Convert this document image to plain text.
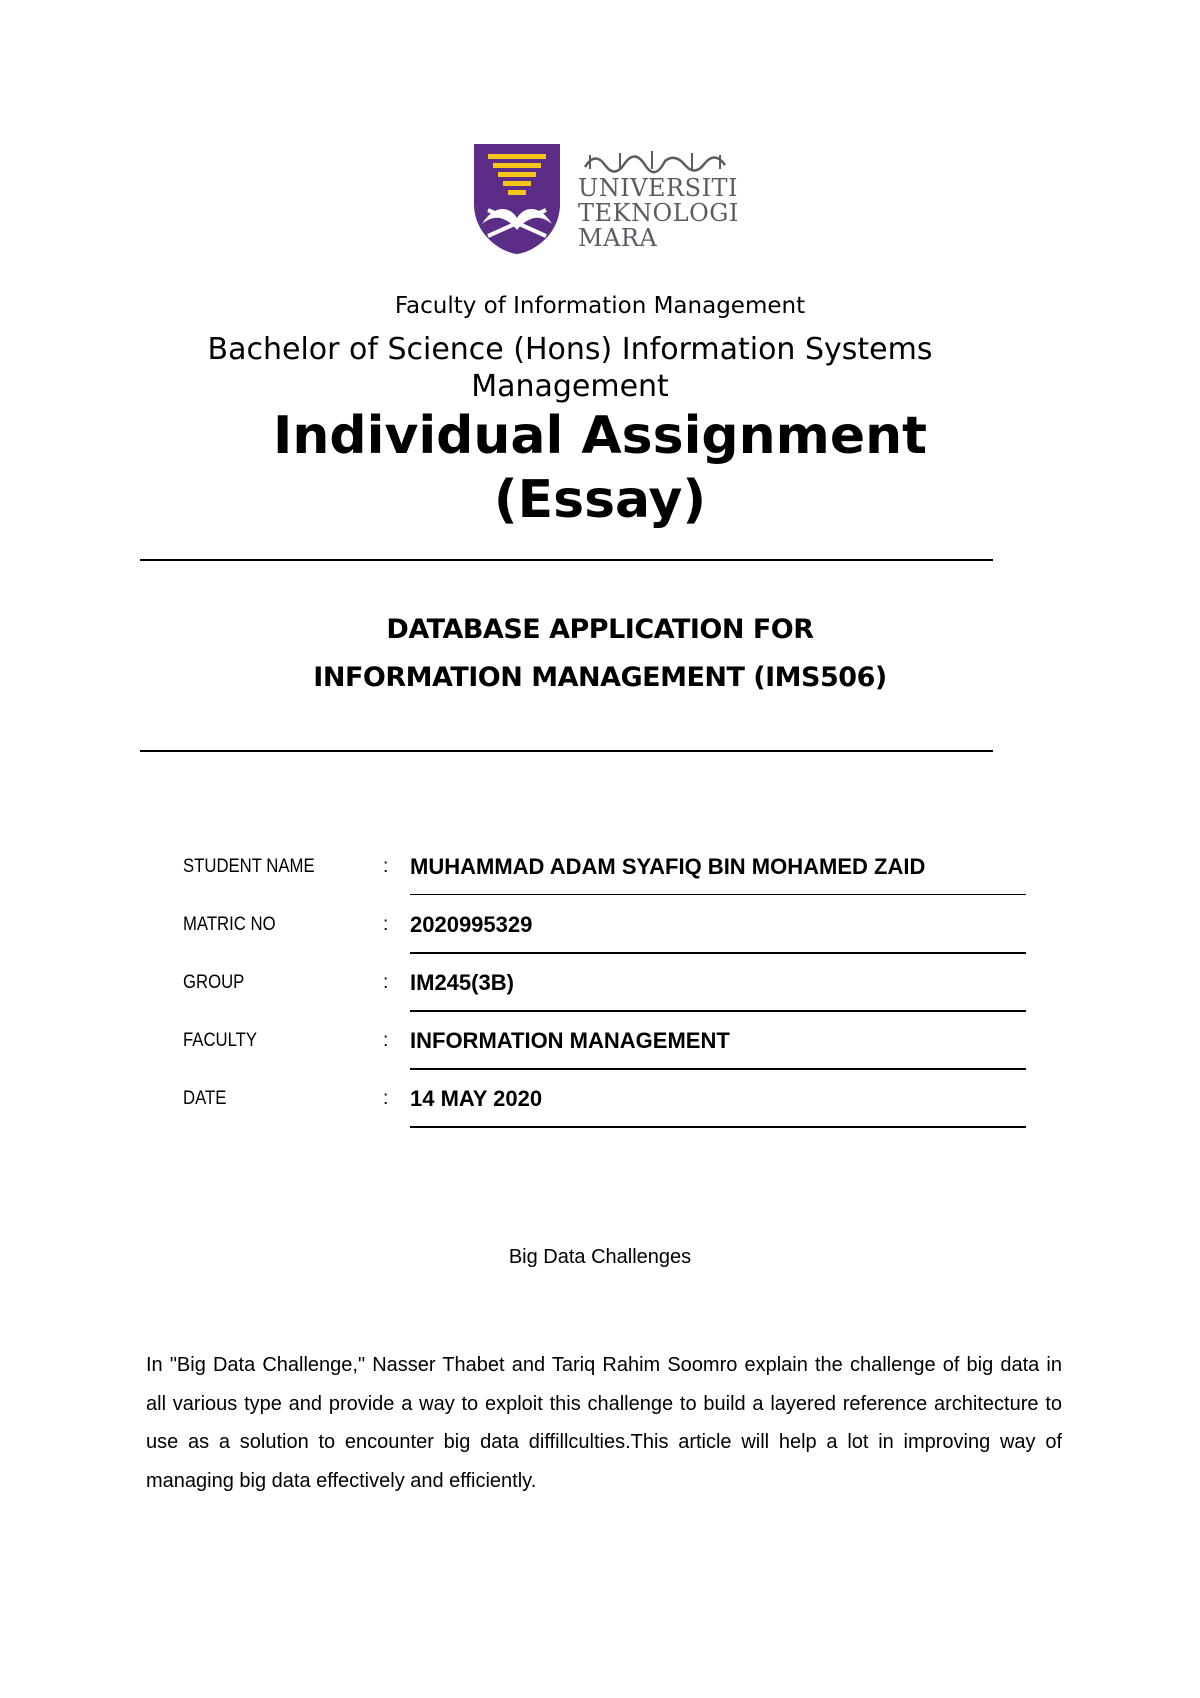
UNIVERSITI
TEKNOLOGI
MARA
Faculty of Information Management
Bachelor of Science (Hons) Information Systems Management
Individual Assignment (Essay)
DATABASE APPLICATION FOR
INFORMATION MANAGEMENT (IMS506)
STUDENT NAME	: MUHAMMAD ADAM SYAFIQ BIN MOHAMED ZAID
MATRIC NO	: 2020995329
GROUP	: IM245(3B)
FACULTY	: INFORMATION MANAGEMENT
DATE	: 14 MAY 2020
Big Data Challenges

In "Big Data Challenge," Nasser Thabet and Tariq Rahim Soomro explain the challenge of big data in all various type and provide a way to exploit this challenge to build a layered reference architecture to use as a solution to encounter big data diffillculties.This article will help a lot in improving way of managing big data effectively and efficiently.
